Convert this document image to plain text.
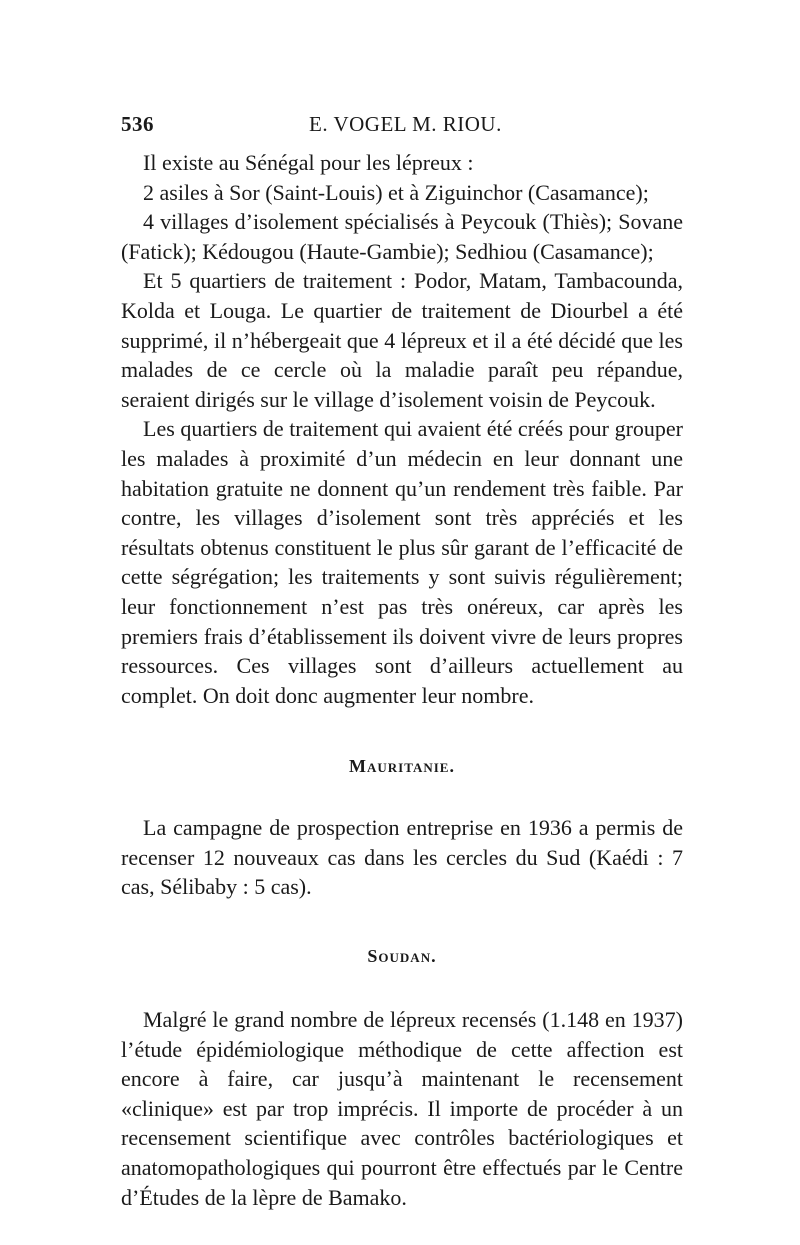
536	E. VOGEL M. RIOU.

Il existe au Sénégal pour les lépreux :

2 asiles à Sor (Saint-Louis) et à Ziguinchor (Casamance);

4 villages d’isolement spécialisés à Peycouk (Thiès); Sovane (Fatick); Kédougou (Haute-Gambie); Sedhiou (Casamance);

Et 5 quartiers de traitement : Podor, Matam, Tambacounda, Kolda et Louga. Le quartier de traitement de Diourbel a été supprimé, il n’hébergeait que 4 lépreux et il a été décidé que les malades de ce cercle où la maladie paraît peu répandue, seraient dirigés sur le village d’isolement voisin de Peycouk.

Les quartiers de traitement qui avaient été créés pour grouper les malades à proximité d’un médecin en leur donnant une habitation gratuite ne donnent qu’un rendement très faible. Par contre, les villages d’isolement sont très appréciés et les résultats obtenus constituent le plus sûr garant de l’efficacité de cette ségrégation; les traitements y sont suivis régulièrement; leur fonctionnement n’est pas très onéreux, car après les premiers frais d’établissement ils doivent vivre de leurs propres ressources. Ces villages sont d’ailleurs actuellement au complet. On doit donc augmenter leur nombre.

Mauritanie.

La campagne de prospection entreprise en 1936 a permis de recenser 12 nouveaux cas dans les cercles du Sud (Kaédi : 7 cas, Sélibaby : 5 cas).

Soudan.

Malgré le grand nombre de lépreux recensés (1.148 en 1937) l’étude épidémiologique méthodique de cette affection est encore à faire, car jusqu’à maintenant le recensement «clinique» est par trop imprécis. Il importe de procéder à un recensement scientifique avec contrôles bactériologiques et anatomopathologiques qui pourront être effectués par le Centre d’Études de la lèpre de Bamako.
